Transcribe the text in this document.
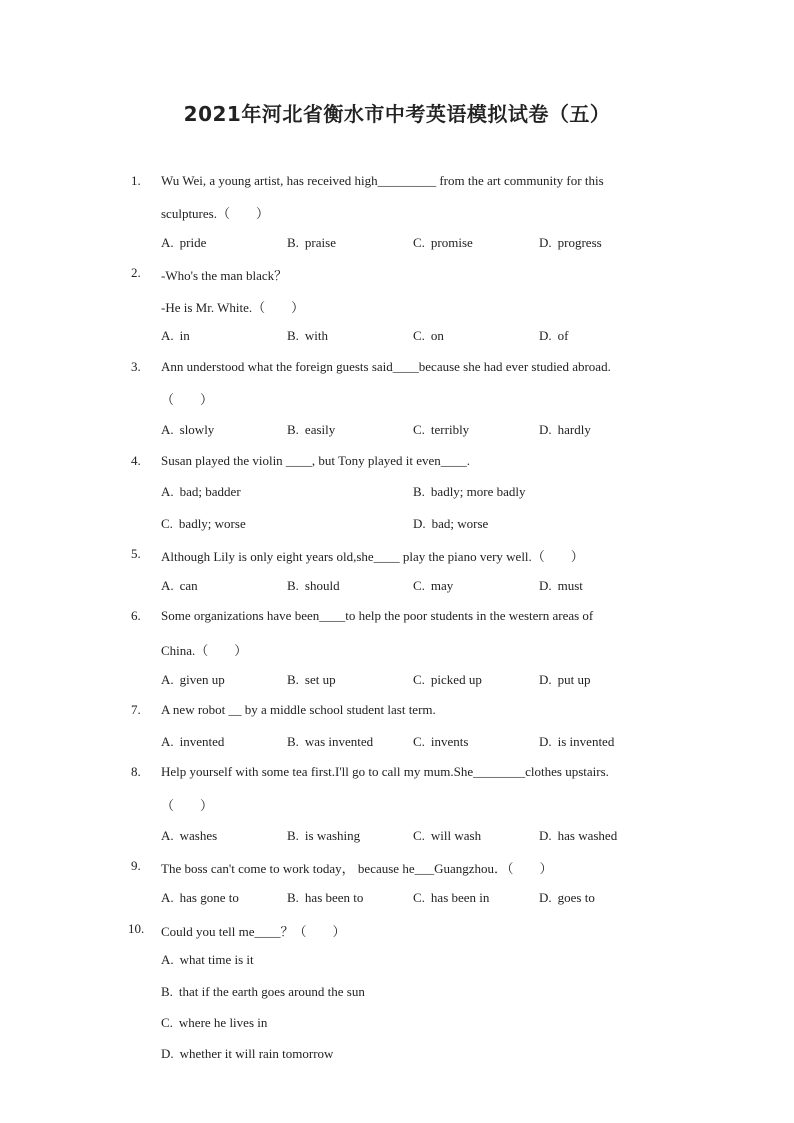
2021年河北省衡水市中考英语模拟试卷（五）
1. Wu Wei, a young artist, has received high_________ from the art community for this
sculptures.（　　）
A. pride	B. praise	C. promise	D. progress
2. -Who's the man black？
-He is Mr. White.（　　）
A. in	B. with	C. on	D. of
3. Ann understood what the foreign guests said____because she had ever studied abroad.
（　　）
A. slowly	B. easily	C. terribly	D. hardly
4. Susan played the violin ____, but Tony played it even____.
A. bad; badder	B. badly; more badly
C. badly; worse	D. bad; worse
5. Although Lily is only eight years old,she____ play the piano very well.（　　）
A. can	B. should	C. may	D. must
6. Some organizations have been____to help the poor students in the western areas of
China.（　　）
A. given up	B. set up	C. picked up	D. put up
7. A new robot __ by a middle school student last term.
A. invented	B. was invented	C. invents	D. is invented
8. Help yourself with some tea first.I'll go to call my mum.She________clothes upstairs.
（　　）
A. washes	B. is washing	C. will wash	D. has washed
9. The boss can't come to work today， because he___Guangzhou．（　　）
A. has gone to	B. has been to	C. has been in	D. goes to
10. Could you tell me____？（　　）
A. what time is it
B. that if the earth goes around the sun
C. where he lives in
D. whether it will rain tomorrow
